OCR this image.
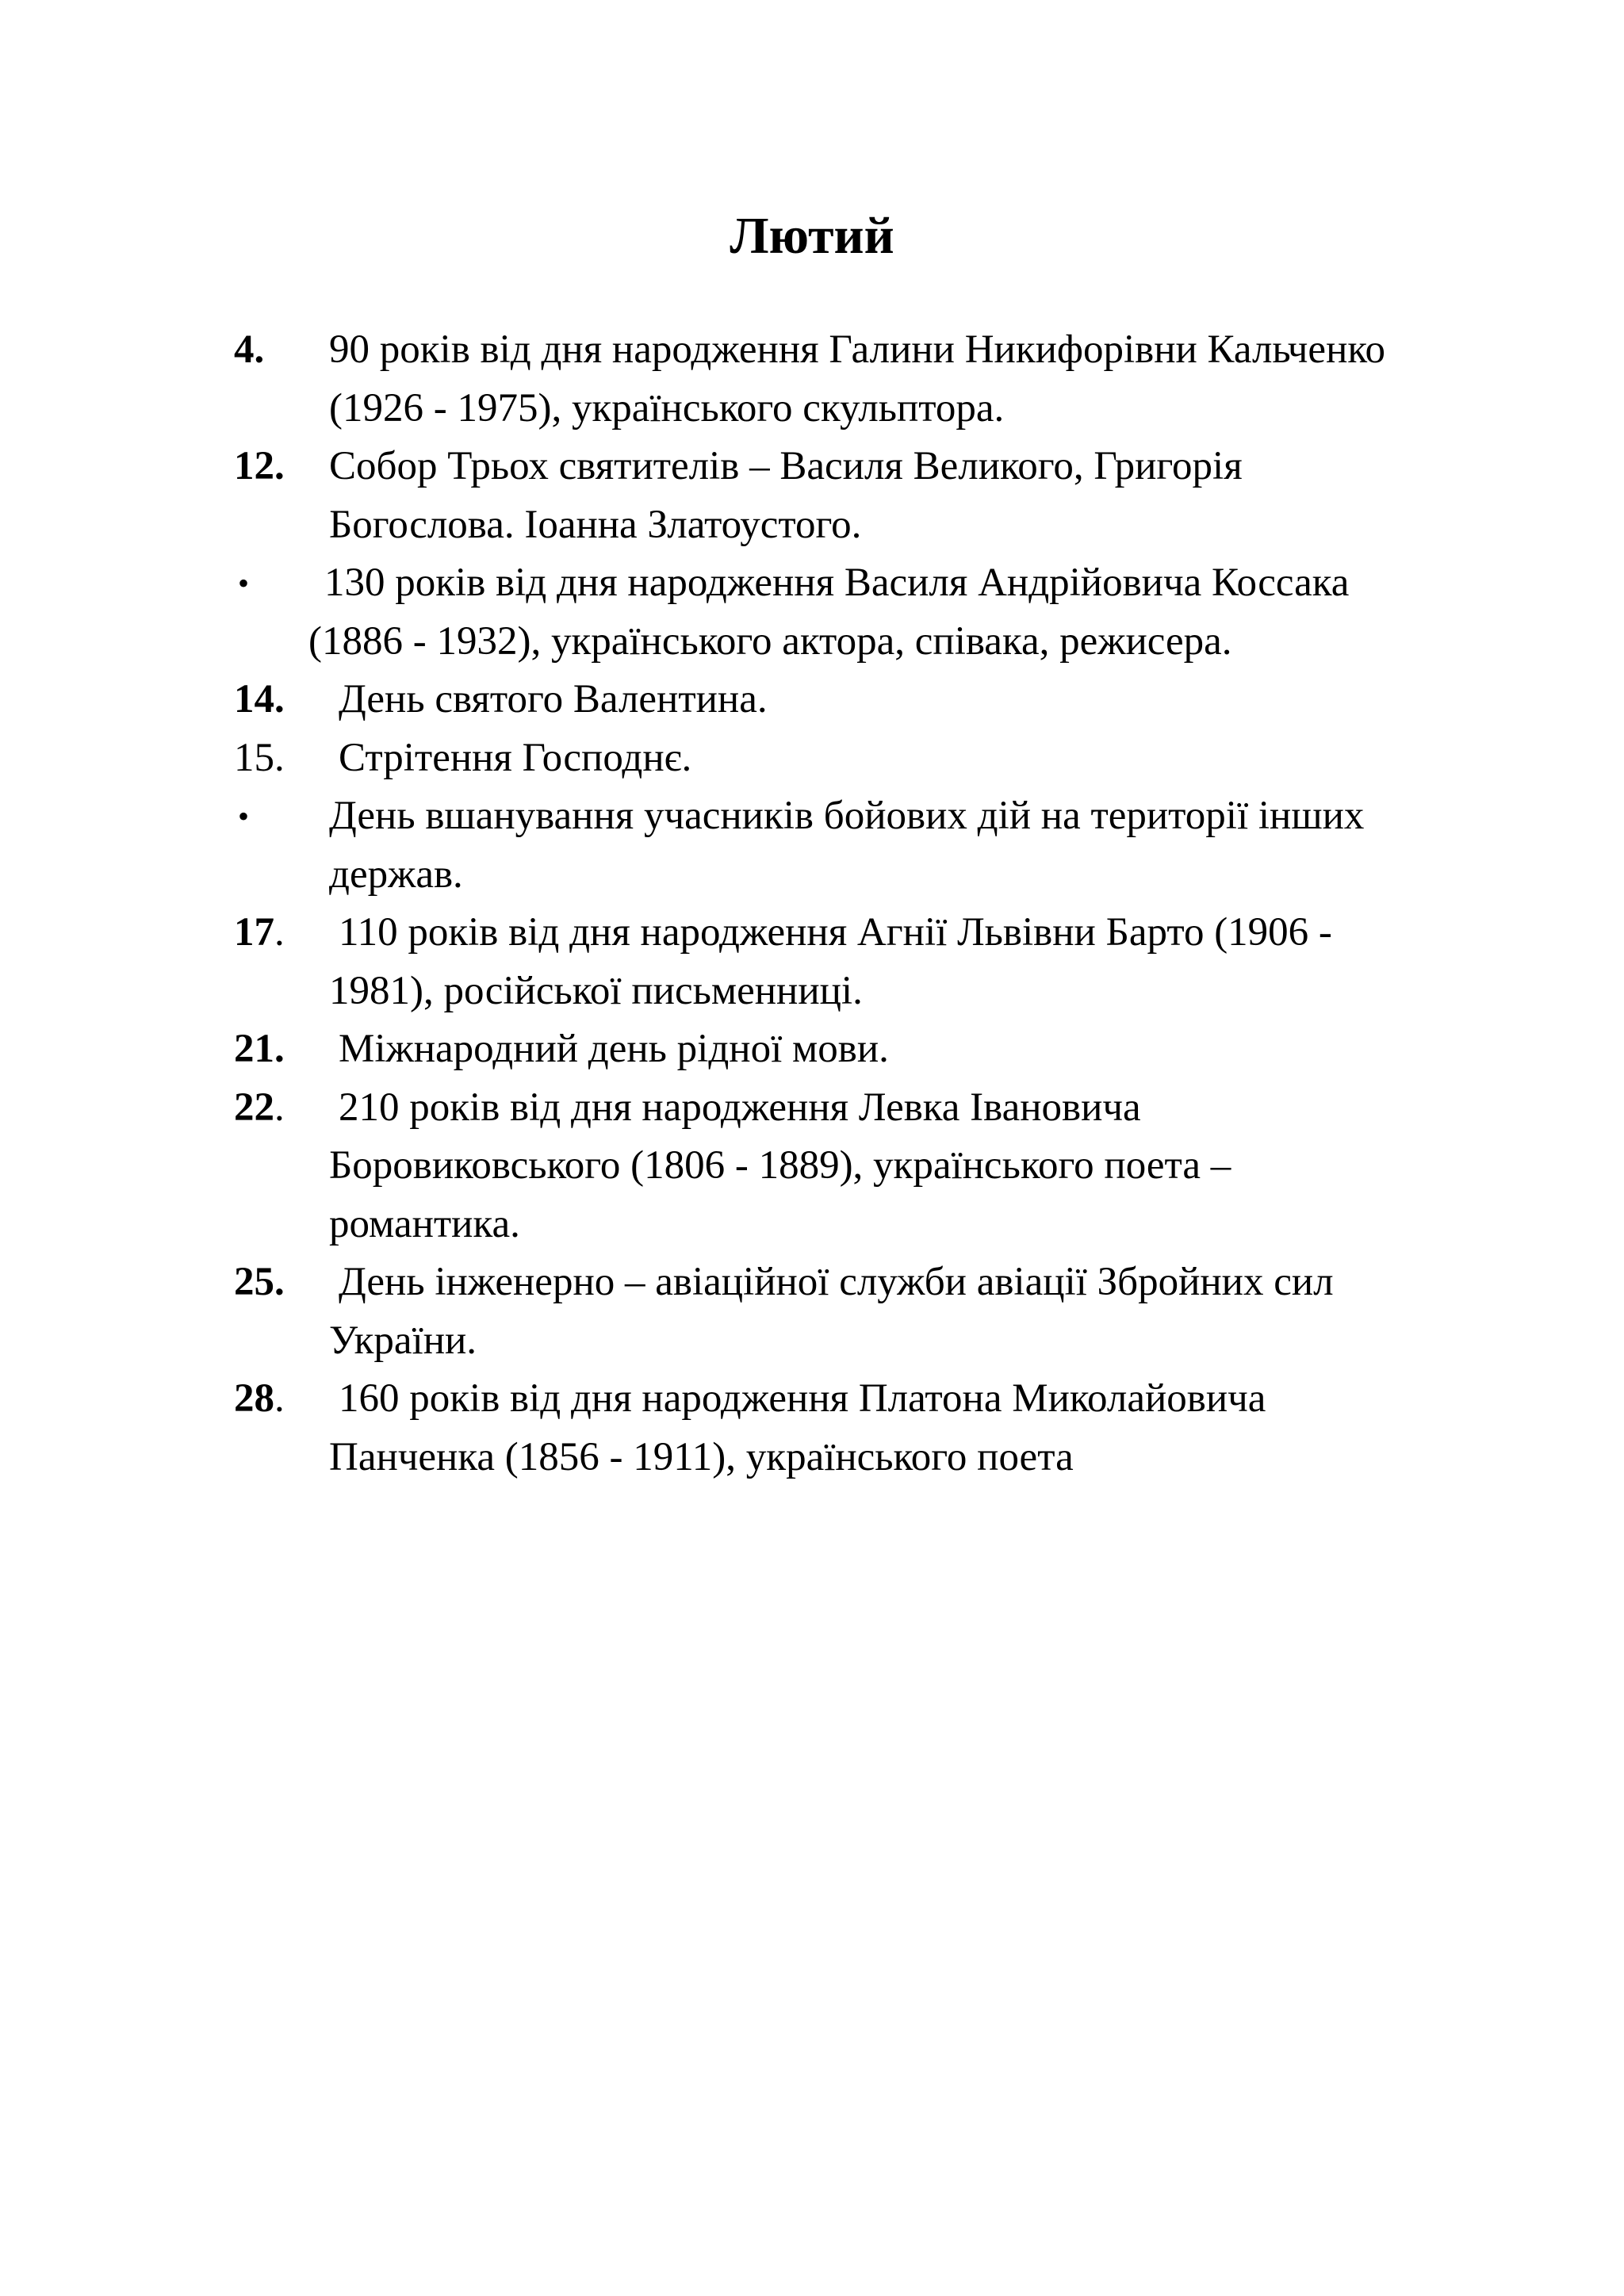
Лютий
4. 90 років від дня народження Галини Никифорівни Кальченко
(1926 - 1975), українського скульптора.
12. Собор Трьох святителів – Василя Великого, Григорія
Богослова. Іоанна Златоустого.
• 130 років від дня народження Василя Андрійовича Коссака
(1886 - 1932), українського актора, співака, режисера.
14. День святого Валентина.
15. Стрітення Господнє.
• День вшанування учасників бойових дій на території інших
держав.
17. 110 років від дня народження Агнії Львівни Барто (1906 -
1981), російської письменниці.
21. Міжнародний день рідної мови.
22. 210 років від дня народження Левка Івановича
Боровиковського (1806 - 1889), українського поета –
романтика.
25. День інженерно – авіаційної служби авіації Збройних сил
України.
28. 160 років від дня народження Платона Миколайовича
Панченка (1856 - 1911), українського поета
